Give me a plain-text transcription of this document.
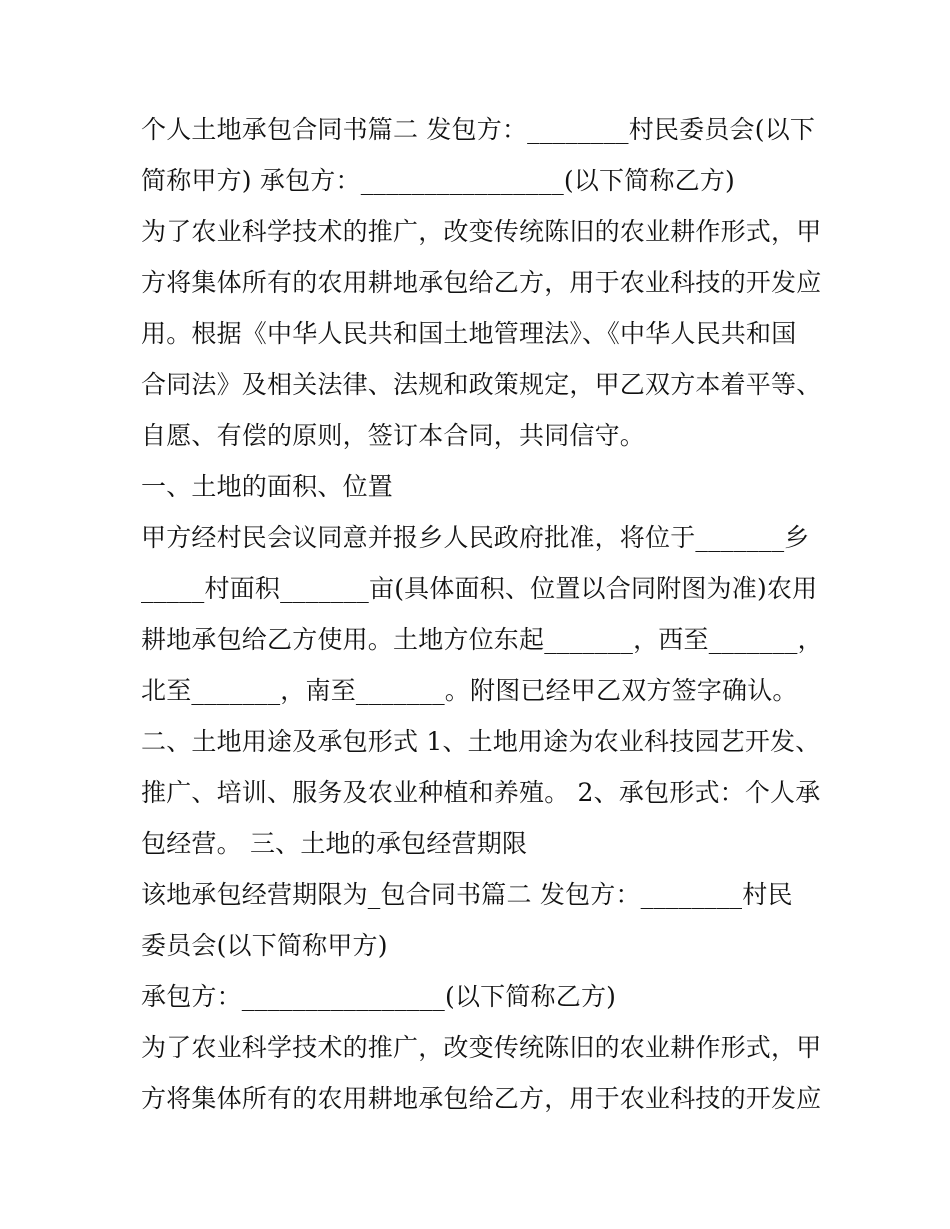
个人土地承包合同书篇二 发包方：________村民委员会(以下
简称甲方) 承包方：________________(以下简称乙方)
为了农业科学技术的推广，改变传统陈旧的农业耕作形式，甲
方将集体所有的农用耕地承包给乙方，用于农业科技的开发应
用。根据《中华人民共和国土地管理法》、《中华人民共和国
合同法》及相关法律、法规和政策规定，甲乙双方本着平等、
自愿、有偿的原则，签订本合同，共同信守。
一、土地的面积、位置
甲方经村民会议同意并报乡人民政府批准，将位于_______乡
_____村面积_______亩(具体面积、位置以合同附图为准)农用
耕地承包给乙方使用。土地方位东起_______，西至_______，
北至_______，南至_______。附图已经甲乙双方签字确认。
二、土地用途及承包形式 1、土地用途为农业科技园艺开发、
推广、培训、服务及农业种植和养殖。 2、承包形式：个人承
包经营。 三、土地的承包经营期限
该地承包经营期限为_包合同书篇二 发包方：________村民
委员会(以下简称甲方)
承包方：________________(以下简称乙方)
为了农业科学技术的推广，改变传统陈旧的农业耕作形式，甲
方将集体所有的农用耕地承包给乙方，用于农业科技的开发应
